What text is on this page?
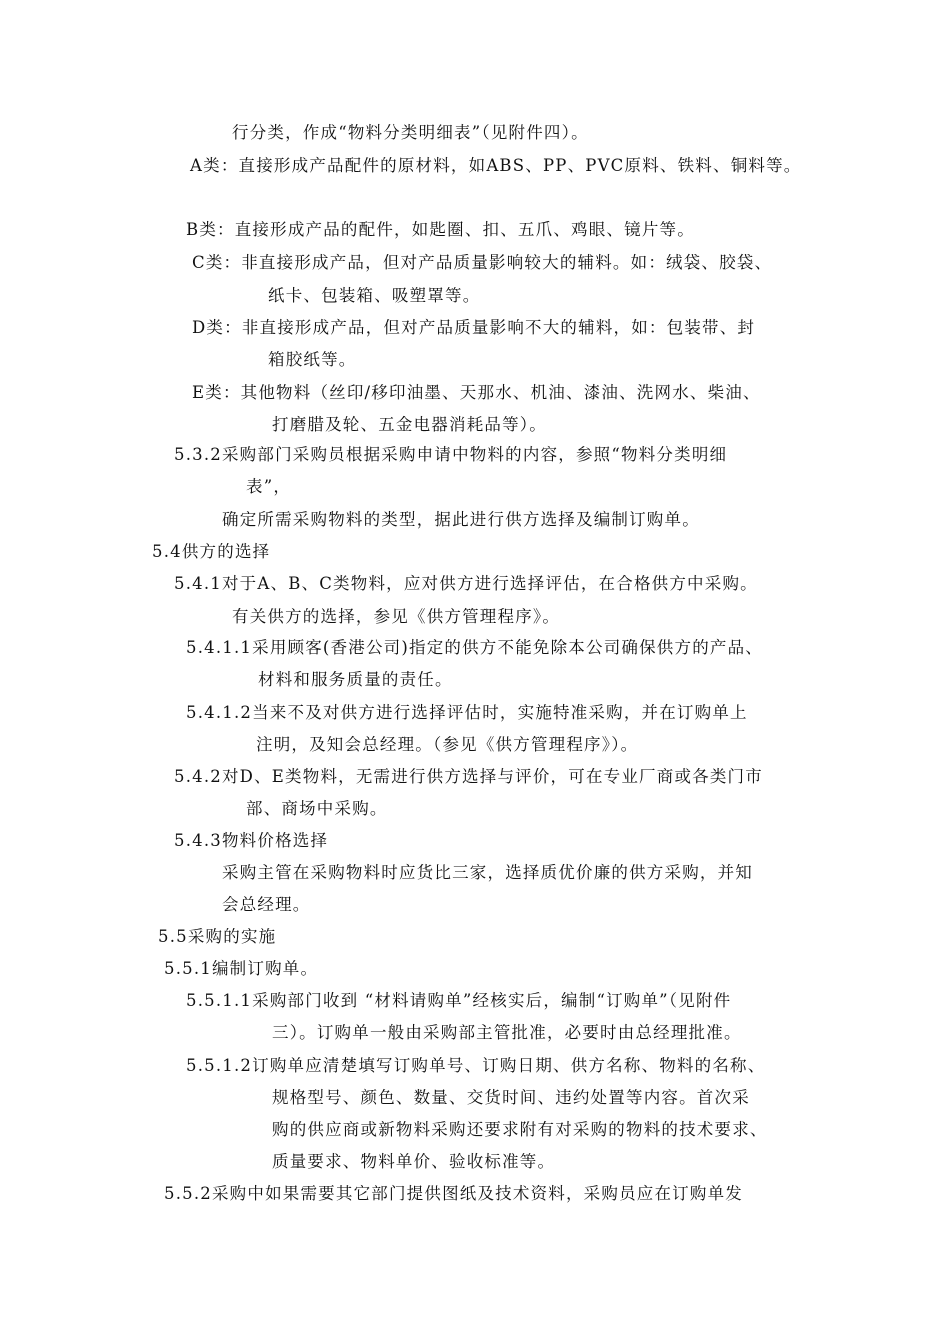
行分类，作成“物料分类明细表”（见附件四）。
A类：直接形成产品配件的原材料，如ABS、PP、PVC原料、铁料、铜料等。
B类：直接形成产品的配件，如匙圈、扣、五爪、鸡眼、镜片等。
C类：非直接形成产品，但对产品质量影响较大的辅料。如：绒袋、胶袋、
纸卡、包装箱、吸塑罩等。
D类：非直接形成产品，但对产品质量影响不大的辅料，如：包装带、封
箱胶纸等。
E类：其他物料（丝印/移印油墨、天那水、机油、漆油、洗网水、柴油、
打磨腊及轮、五金电器消耗品等）。
5.3.2采购部门采购员根据采购申请中物料的内容，参照“物料分类明细
表”，
确定所需采购物料的类型，据此进行供方选择及编制订购单。
5.4供方的选择
5.4.1对于A、B、C类物料，应对供方进行选择评估，在合格供方中采购。
有关供方的选择，参见《供方管理程序》。
5.4.1.1采用顾客(香港公司)指定的供方不能免除本公司确保供方的产品、
材料和服务质量的责任。
5.4.1.2当来不及对供方进行选择评估时，实施特准采购，并在订购单上
注明，及知会总经理。（参见《供方管理程序》）。
5.4.2对D、E类物料，无需进行供方选择与评价，可在专业厂商或各类门市
部、商场中采购。
5.4.3物料价格选择
采购主管在采购物料时应货比三家，选择质优价廉的供方采购，并知
会总经理。
5.5采购的实施
5.5.1编制订购单。
5.5.1.1采购部门收到 “材料请购单”经核实后，编制“订购单”（见附件
三）。订购单一般由采购部主管批准，必要时由总经理批准。
5.5.1.2订购单应清楚填写订购单号、订购日期、供方名称、物料的名称、
规格型号、颜色、数量、交货时间、违约处置等内容。首次采
购的供应商或新物料采购还要求附有对采购的物料的技术要求、
质量要求、物料单价、验收标准等。
5.5.2采购中如果需要其它部门提供图纸及技术资料，采购员应在订购单发
